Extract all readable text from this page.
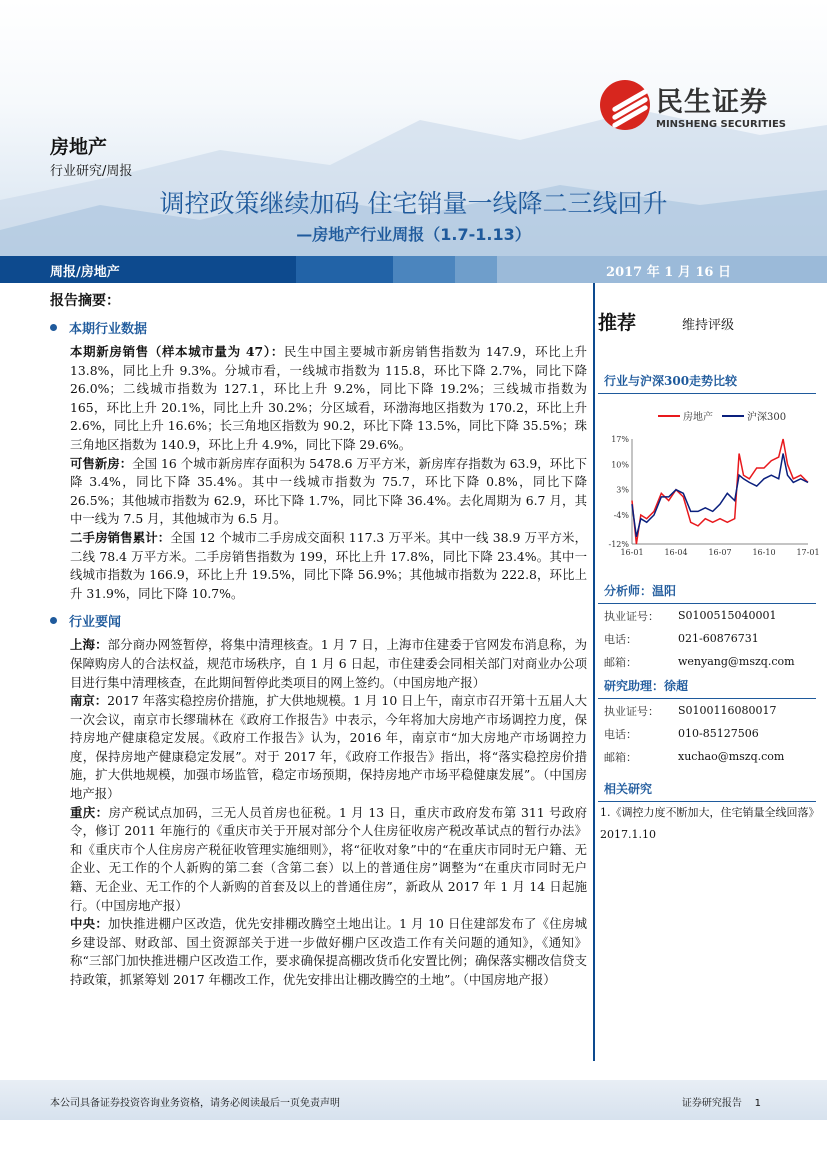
民生证券
MINSHENG SECURITIES
房地产
行业研究/周报
调控政策继续加码 住宅销量一线降二三线回升
—房地产行业周报（1.7-1.13）
周报/房地产	2017 年 1 月 16 日
报告摘要：
本期行业数据

本期新房销售（样本城市量为 47）：民生中国主要城市新房销售指数为 147.9，环比上升 13.8%，同比上升 9.3%。分城市看，一线城市指数为 115.8，环比下降 2.7%，同比下降 26.0%；二线城市指数为 127.1，环比上升 9.2%，同比下降 19.2%；三线城市指数为 165，环比上升 20.1%，同比上升 30.2%；分区域看，环渤海地区指数为 170.2，环比上升 2.6%，同比上升 16.6%；长三角地区指数为 90.2，环比下降 13.5%，同比下降 35.5%；珠三角地区指数为 140.9，环比上升 4.9%，同比下降 29.6%。

可售新房：全国 16 个城市新房库存面积为 5478.6 万平方米，新房库存指数为 63.9，环比下降 3.4%，同比下降 35.4%。其中一线城市指数为 75.7，环比下降 0.8%，同比下降 26.5%；其他城市指数为 62.9，环比下降 1.7%，同比下降 36.4%。去化周期为 6.7 月，其中一线为 7.5 月，其他城市为 6.5 月。

二手房销售累计：全国 12 个城市二手房成交面积 117.3 万平米。其中一线 38.9 万平方米，二线 78.4 万平方米。二手房销售指数为 199，环比上升 17.8%，同比下降 23.4%。其中一线城市指数为 166.9，环比上升 19.5%，同比下降 56.9%；其他城市指数为 222.8，环比上升 31.9%，同比下降 10.7%。

行业要闻

上海：部分商办网签暂停，将集中清理核查。1 月 7 日，上海市住建委于官网发布消息称，为保障购房人的合法权益，规范市场秩序，自 1 月 6 日起，市住建委会同相关部门对商业办公项目进行集中清理核查，在此期间暂停此类项目的网上签约。（中国房地产报）

南京：2017 年落实稳控房价措施，扩大供地规模。1 月 10 日上午，南京市召开第十五届人大一次会议，南京市长缪瑞林在《政府工作报告》中表示，今年将加大房地产市场调控力度，保持房地产健康稳定发展。《政府工作报告》认为，2016 年，南京市“加大房地产市场调控力度，保持房地产健康稳定发展”。对于 2017 年，《政府工作报告》指出，将“落实稳控房价措施，扩大供地规模，加强市场监管，稳定市场预期，保持房地产市场平稳健康发展”。（中国房地产报）

重庆：房产税试点加码，三无人员首房也征税。1 月 13 日，重庆市政府发布第 311 号政府令，修订 2011 年施行的《重庆市关于开展对部分个人住房征收房产税改革试点的暂行办法》和《重庆市个人住房房产税征收管理实施细则》，将“征收对象”中的“在重庆市同时无户籍、无企业、无工作的个人新购的第二套（含第二套）以上的普通住房”调整为“在重庆市同时无户籍、无企业、无工作的个人新购的首套及以上的普通住房”，新政从 2017 年 1 月 14 日起施行。（中国房地产报）

中央：加快推进棚户区改造，优先安排棚改腾空土地出让。1 月 10 日住建部发布了《住房城乡建设部、财政部、国土资源部关于进一步做好棚户区改造工作有关问题的通知》，《通知》称“三部门加快推进棚户区改造工作，要求确保提高棚改货币化安置比例；确保落实棚改信贷支持政策，抓紧筹划 2017 年棚改工作，优先安排出让棚改腾空的土地”。（中国房地产报）

推荐	维持评级
行业与沪深300走势比较
房地产	沪深300
17%
10%
3%
-4%
-12%
16-01	16-04	16-07	16-10	17-01
分析师：温阳
执业证号：	S0100515040001
电话：	021-60876731
邮箱：	wenyang@mszq.com
研究助理：徐超
执业证号：	S0100116080017
电话：	010-85127506
邮箱：	xuchao@mszq.com
相关研究
1.《调控力度不断加大，住宅销量全线回落》2017.1.10
本公司具备证券投资咨询业务资格，请务必阅读最后一页免责声明	证券研究报告 1
